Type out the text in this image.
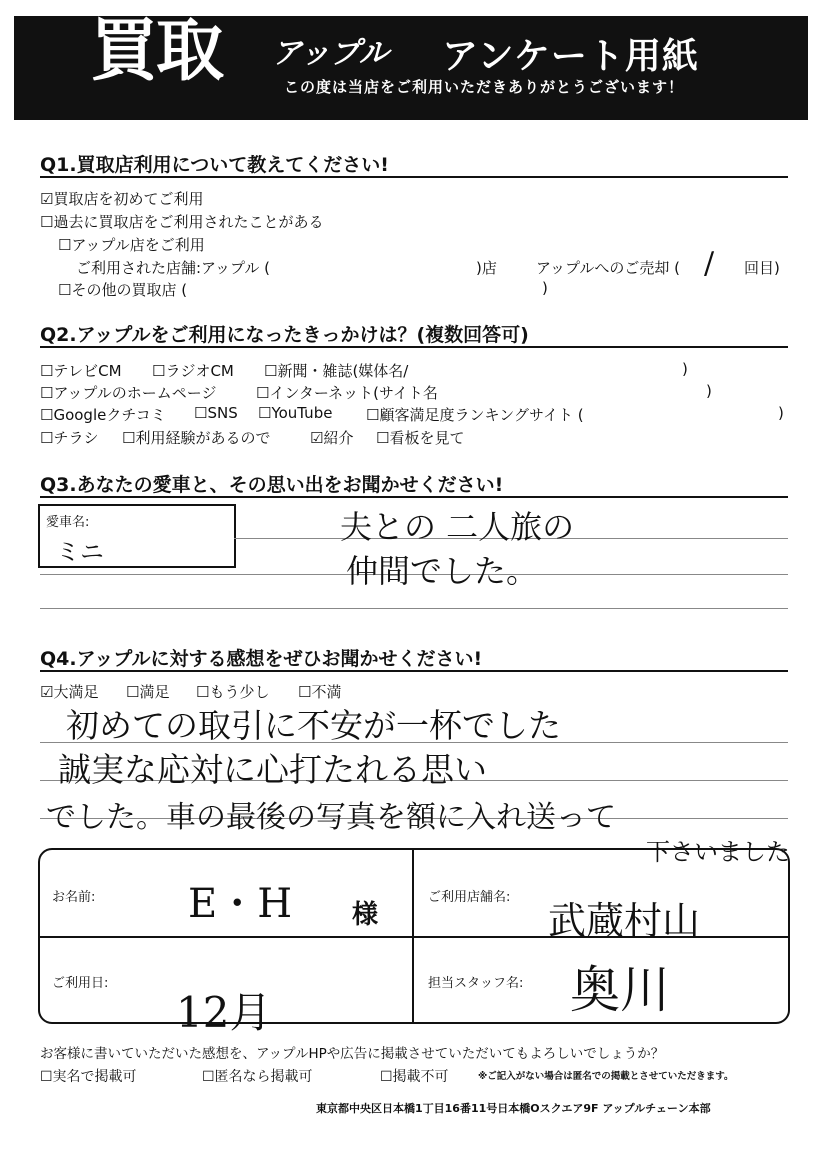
買取 アップル アンケート用紙
この度は当店をご利用いただきありがとうございます！
Q1.買取店利用について教えてください!
☑買取店を初めてご利用
☐過去に買取店をご利用されたことがある
☐アップル店をご利用
ご利用された店舗:アップル (	)店	アップルへのご売却 ( / 回目)
☐その他の買取店 (	)
Q2.アップルをご利用になったきっかけは？(複数回答可)
☐テレビCM ☐ラジオCM ☐新聞・雑誌(媒体名/	)
☐アップルのホームページ	☐インターネット(サイト名	)
☐Googleクチコミ ☐SNS ☐YouTube ☐顧客満足度ランキングサイト (	)
☐チラシ ☐利用経験があるので	☑紹介 ☐看板を見て
Q3.あなたの愛車と、その思い出をお聞かせください!
愛車名:
ミニ
夫との 二人旅の
仲間でした。
Q4.アップルに対する感想をぜひお聞かせください!
☑大満足 ☐満足 ☐もう少し ☐不満
初めての取引に不安が一杯でした
誠実な応対に心打たれる思い
でした。車の最後の写真を額に入れ送って
下さいました
お名前: E・H 様
ご利用店舗名:
武蔵村山
ご利用日:
12月
担当スタッフ名: 奥川
お客様に書いていただいた感想を、アップルHPや広告に掲載させていただいてもよろしいでしょうか？
☐実名で掲載可	☐匿名なら掲載可	☐掲載不可	※ご記入がない場合は匿名での掲載とさせていただきます。
東京都中央区日本橋1丁目16番11号日本橋Oスクエア9F アップルチェーン本部
